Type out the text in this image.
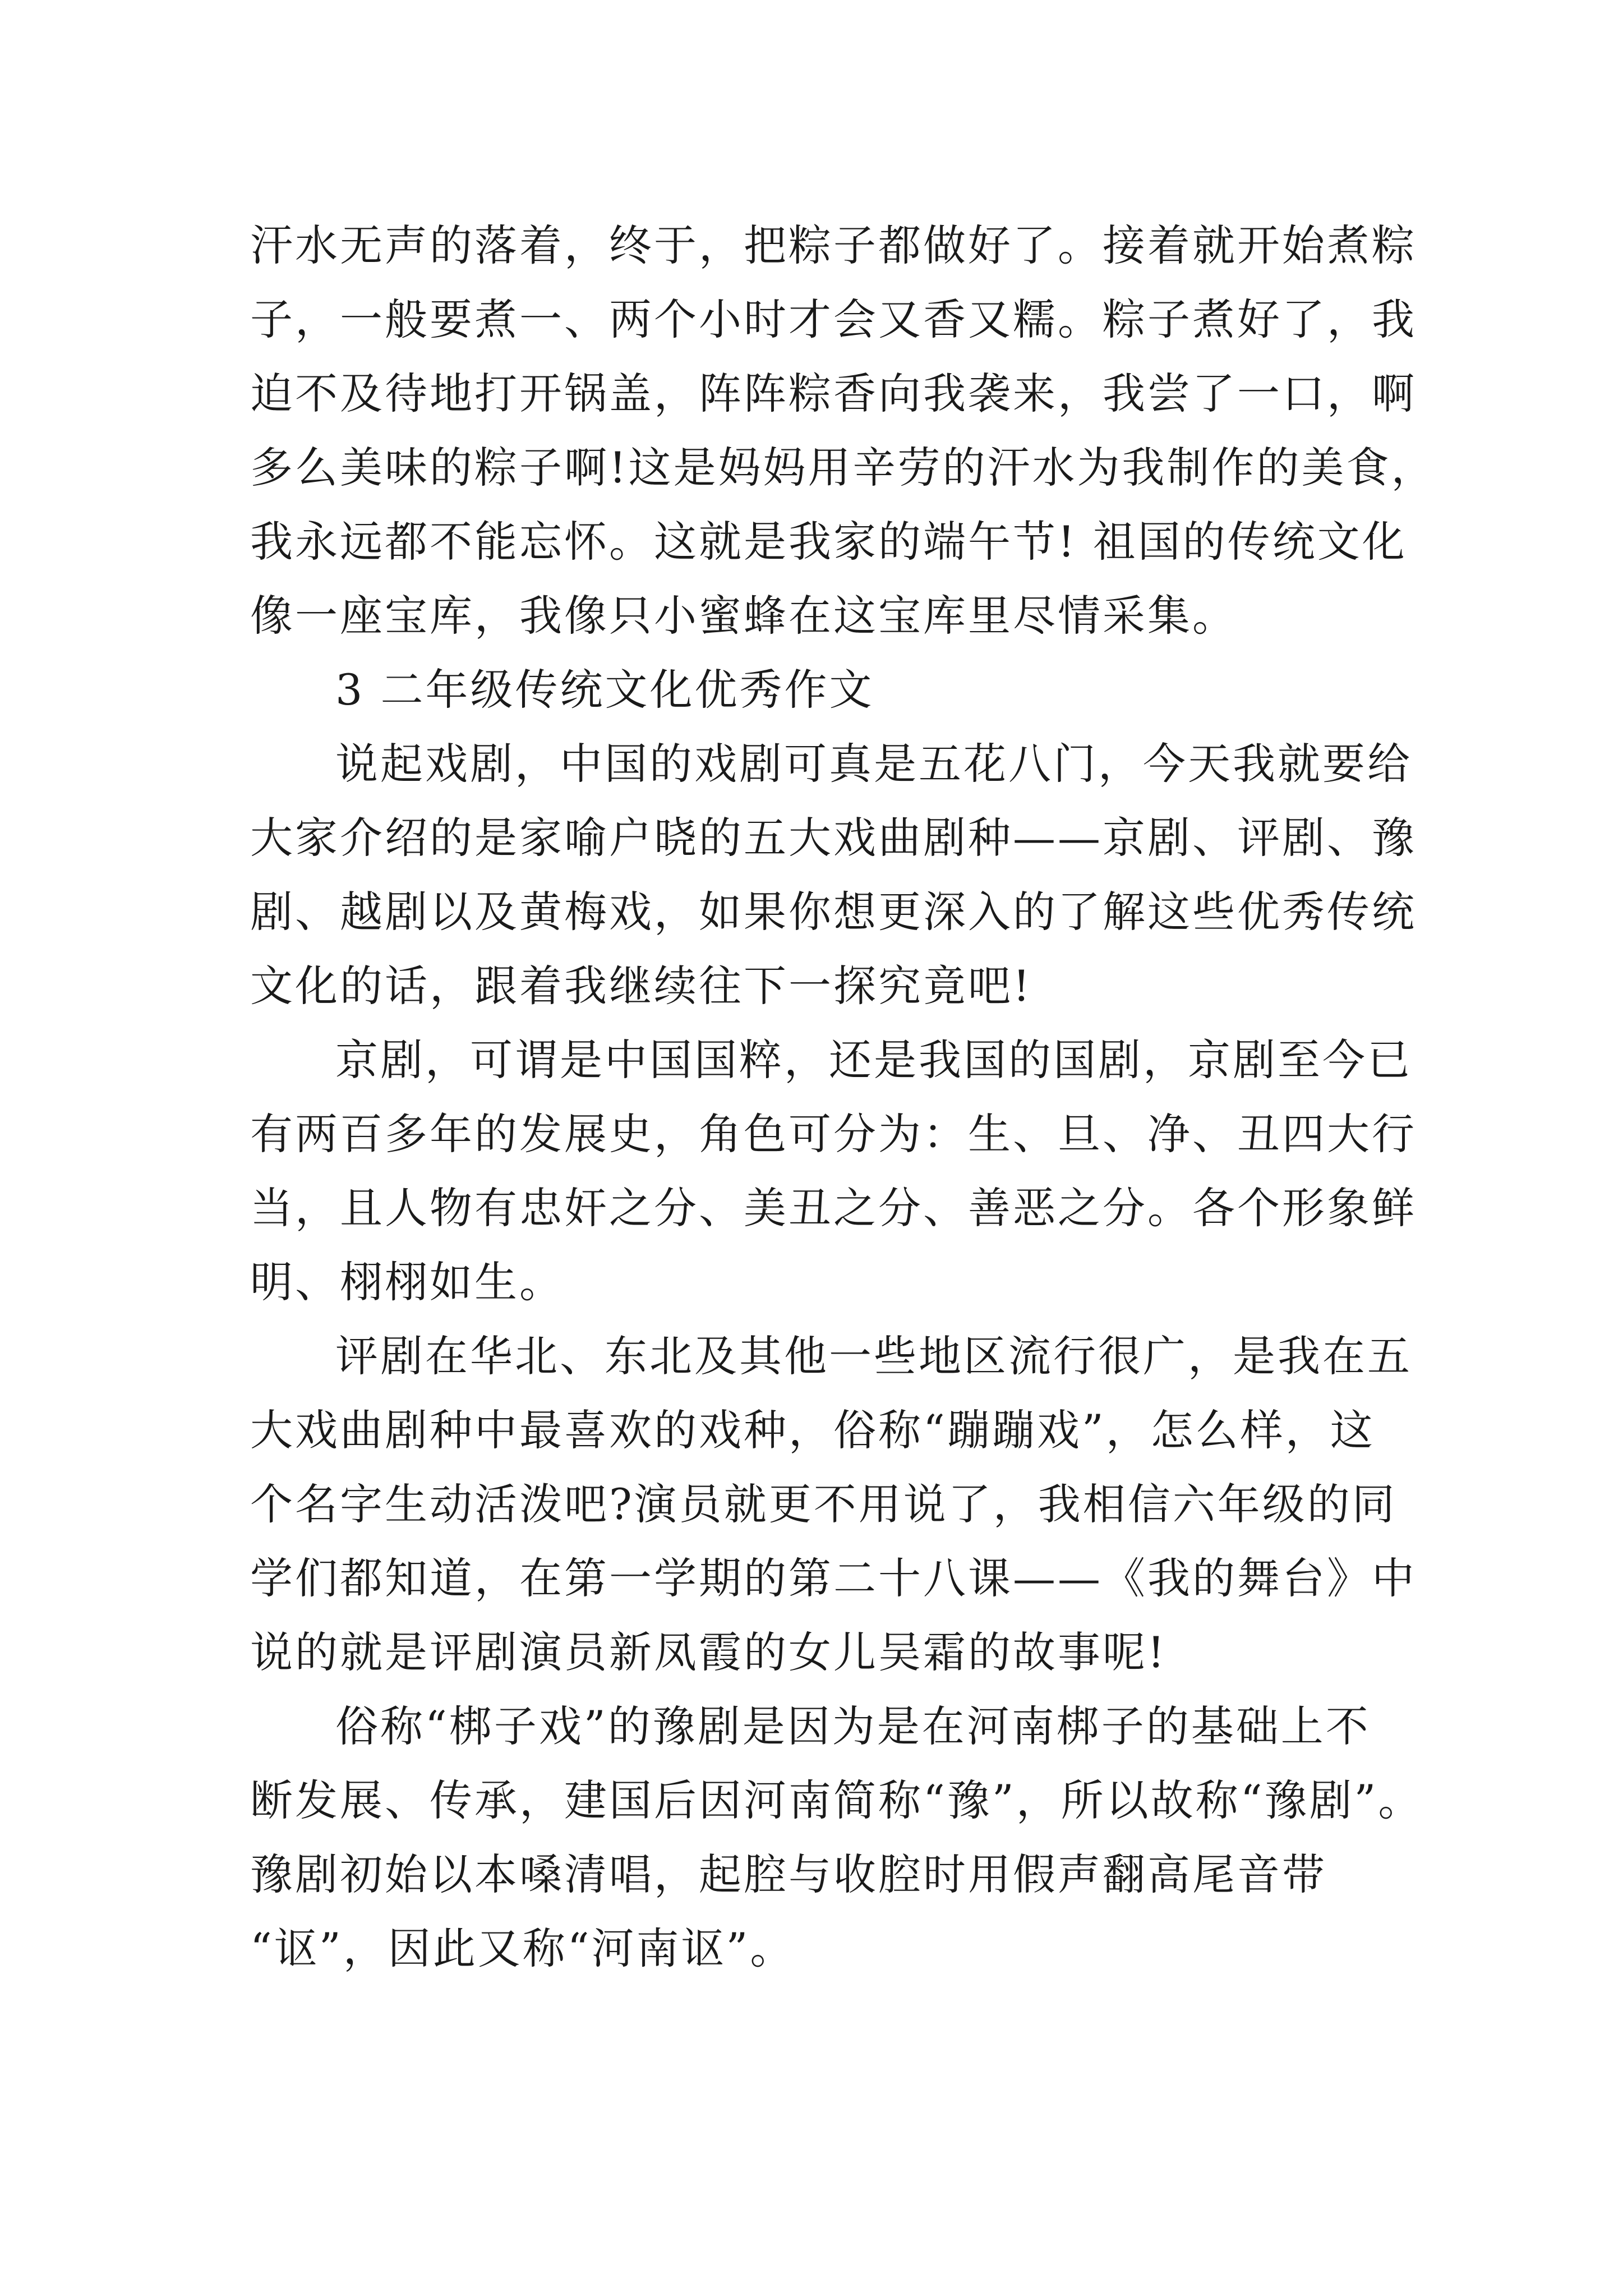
汗水无声的落着，终于，把粽子都做好了。接着就开始煮粽
子，一般要煮一、两个小时才会又香又糯。粽子煮好了，我
迫不及待地打开锅盖，阵阵粽香向我袭来，我尝了一口，啊
多么美味的粽子啊!这是妈妈用辛劳的汗水为我制作的美食，
我永远都不能忘怀。这就是我家的端午节! 祖国的传统文化
像一座宝库，我像只小蜜蜂在这宝库里尽情采集。
3 二年级传统文化优秀作文
说起戏剧，中国的戏剧可真是五花八门，今天我就要给
大家介绍的是家喻户晓的五大戏曲剧种——京剧、评剧、豫
剧、越剧以及黄梅戏，如果你想更深入的了解这些优秀传统
文化的话，跟着我继续往下一探究竟吧!
京剧，可谓是中国国粹，还是我国的国剧，京剧至今已
有两百多年的发展史，角色可分为：生、旦、净、丑四大行
当，且人物有忠奸之分、美丑之分、善恶之分。各个形象鲜
明、栩栩如生。
评剧在华北、东北及其他一些地区流行很广，是我在五
大戏曲剧种中最喜欢的戏种，俗称“蹦蹦戏”，怎么样，这
个名字生动活泼吧?演员就更不用说了，我相信六年级的同
学们都知道，在第一学期的第二十八课——《我的舞台》中
说的就是评剧演员新凤霞的女儿吴霜的故事呢!
俗称“梆子戏”的豫剧是因为是在河南梆子的基础上不
断发展、传承，建国后因河南简称“豫”，所以故称“豫剧”。
豫剧初始以本嗓清唱，起腔与收腔时用假声翻高尾音带
“讴”，因此又称“河南讴”。
